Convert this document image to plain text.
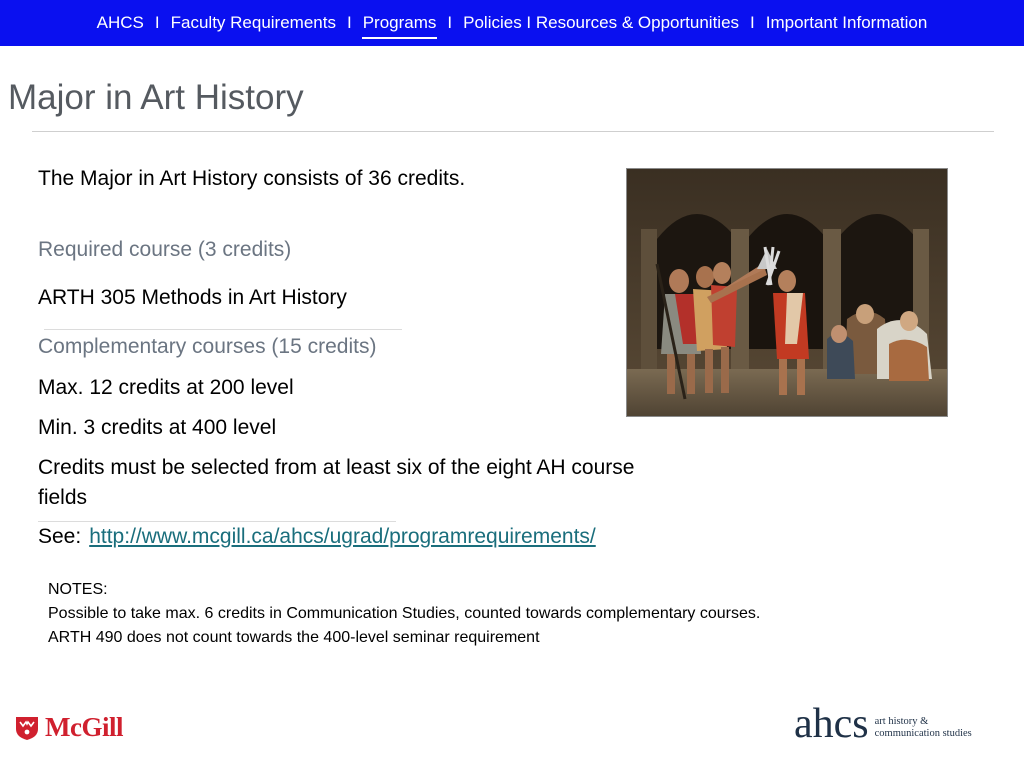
AHCS I Faculty Requirements I Programs I Policies I Resources & Opportunities I Important Information
Major in Art History
The Major in Art History consists of 36 credits.
Required course (3 credits)
ARTH 305 Methods in Art History
Complementary courses (15 credits)
Max. 12 credits at 200 level
Min. 3 credits at 400 level
Credits must be selected from at least six of the eight AH course fields
See: http://www.mcgill.ca/ahcs/ugrad/programrequirements/
NOTES:
Possible to take max. 6 credits in Communication Studies, counted towards complementary courses.
ARTH 490 does not count towards the 400-level seminar requirement
McGill	ahcs art history &
communication studies
